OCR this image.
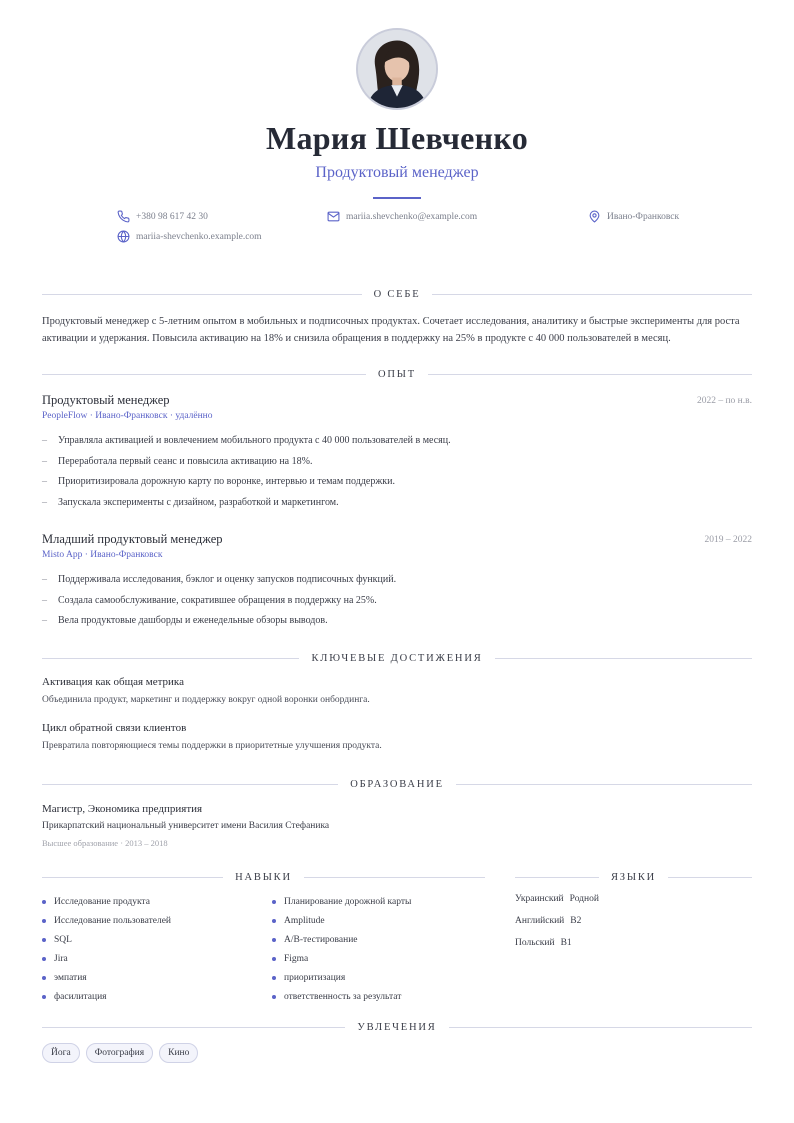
Мария Шевченко
Продуктовый менеджер
+380 98 617 42 30	mariia.shevchenko@example.com	Ивано-Франковск
mariia-shevchenko.example.com
О СЕБЕ
Продуктовый менеджер с 5-летним опытом в мобильных и подписочных продуктах. Сочетает исследования, аналитику и быстрые эксперименты для роста активации и удержания. Повысила активацию на 18% и снизила обращения в поддержку на 25% в продукте с 40 000 пользователей в месяц.
ОПЫТ
Продуктовый менеджер	2022 – по н.в.
PeopleFlow · Ивано-Франковск · удалённо
–	Управляла активацией и вовлечением мобильного продукта с 40 000 пользователей в месяц.
–	Переработала первый сеанс и повысила активацию на 18%.
–	Приоритизировала дорожную карту по воронке, интервью и темам поддержки.
–	Запускала эксперименты с дизайном, разработкой и маркетингом.
Младший продуктовый менеджер	2019 – 2022
Misto App · Ивано-Франковск
–	Поддерживала исследования, бэклог и оценку запусков подписочных функций.
–	Создала самообслуживание, сократившее обращения в поддержку на 25%.
–	Вела продуктовые дашборды и еженедельные обзоры выводов.
КЛЮЧЕВЫЕ ДОСТИЖЕНИЯ
Активация как общая метрика
Объединила продукт, маркетинг и поддержку вокруг одной воронки онбординга.
Цикл обратной связи клиентов
Превратила повторяющиеся темы поддержки в приоритетные улучшения продукта.
ОБРАЗОВАНИЕ
Магистр, Экономика предприятия
Прикарпатский национальный университет имени Василия Стефаника
Высшее образование · 2013 – 2018
НАВЫКИ
Исследование продукта
Исследование пользователей
SQL
Jira
эмпатия
фасилитация
Планирование дорожной карты
Amplitude
A/B-тестирование
Figma
приоритизация
ответственность за результат
ЯЗЫКИ
Украинский Родной
Английский B2
Польский B1
УВЛЕЧЕНИЯ
Йога	Фотография	Кино
